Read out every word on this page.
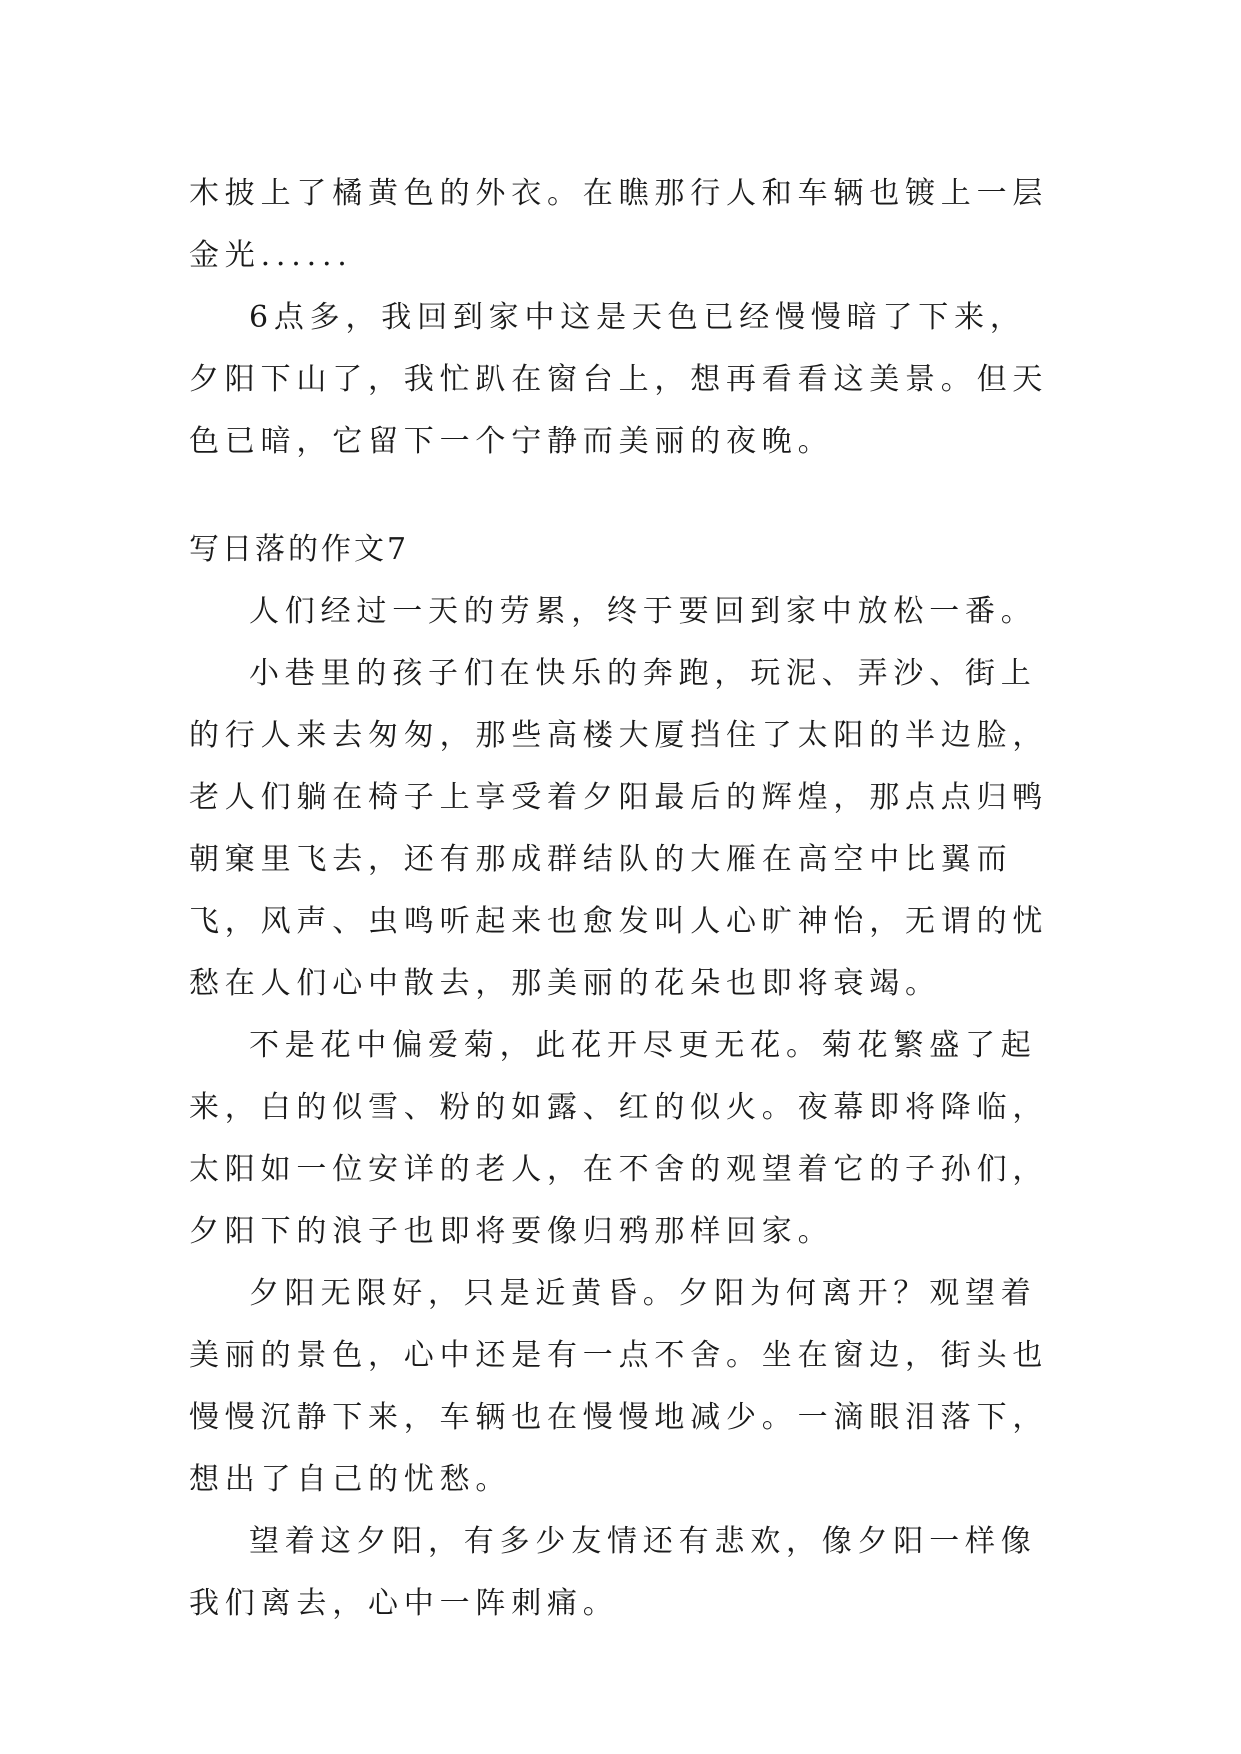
木披上了橘黄色的外衣。在瞧那行人和车辆也镀上一层金光......

6点多，我回到家中这是天色已经慢慢暗了下来，夕阳下山了，我忙趴在窗台上，想再看看这美景。但天色已暗，它留下一个宁静而美丽的夜晚。

写日落的作文7

人们经过一天的劳累，终于要回到家中放松一番。

小巷里的孩子们在快乐的奔跑，玩泥、弄沙、街上的行人来去匆匆，那些高楼大厦挡住了太阳的半边脸，老人们躺在椅子上享受着夕阳最后的辉煌，那点点归鸭朝窠里飞去，还有那成群结队的大雁在高空中比翼而飞，风声、虫鸣听起来也愈发叫人心旷神怡，无谓的忧愁在人们心中散去，那美丽的花朵也即将衰竭。

不是花中偏爱菊，此花开尽更无花。菊花繁盛了起来，白的似雪、粉的如露、红的似火。夜幕即将降临，太阳如一位安详的老人，在不舍的观望着它的子孙们，夕阳下的浪子也即将要像归鸦那样回家。

夕阳无限好，只是近黄昏。夕阳为何离开？观望着美丽的景色，心中还是有一点不舍。坐在窗边，街头也慢慢沉静下来，车辆也在慢慢地减少。一滴眼泪落下，想出了自己的忧愁。

望着这夕阳，有多少友情还有悲欢，像夕阳一样像我们离去，心中一阵刺痛。
